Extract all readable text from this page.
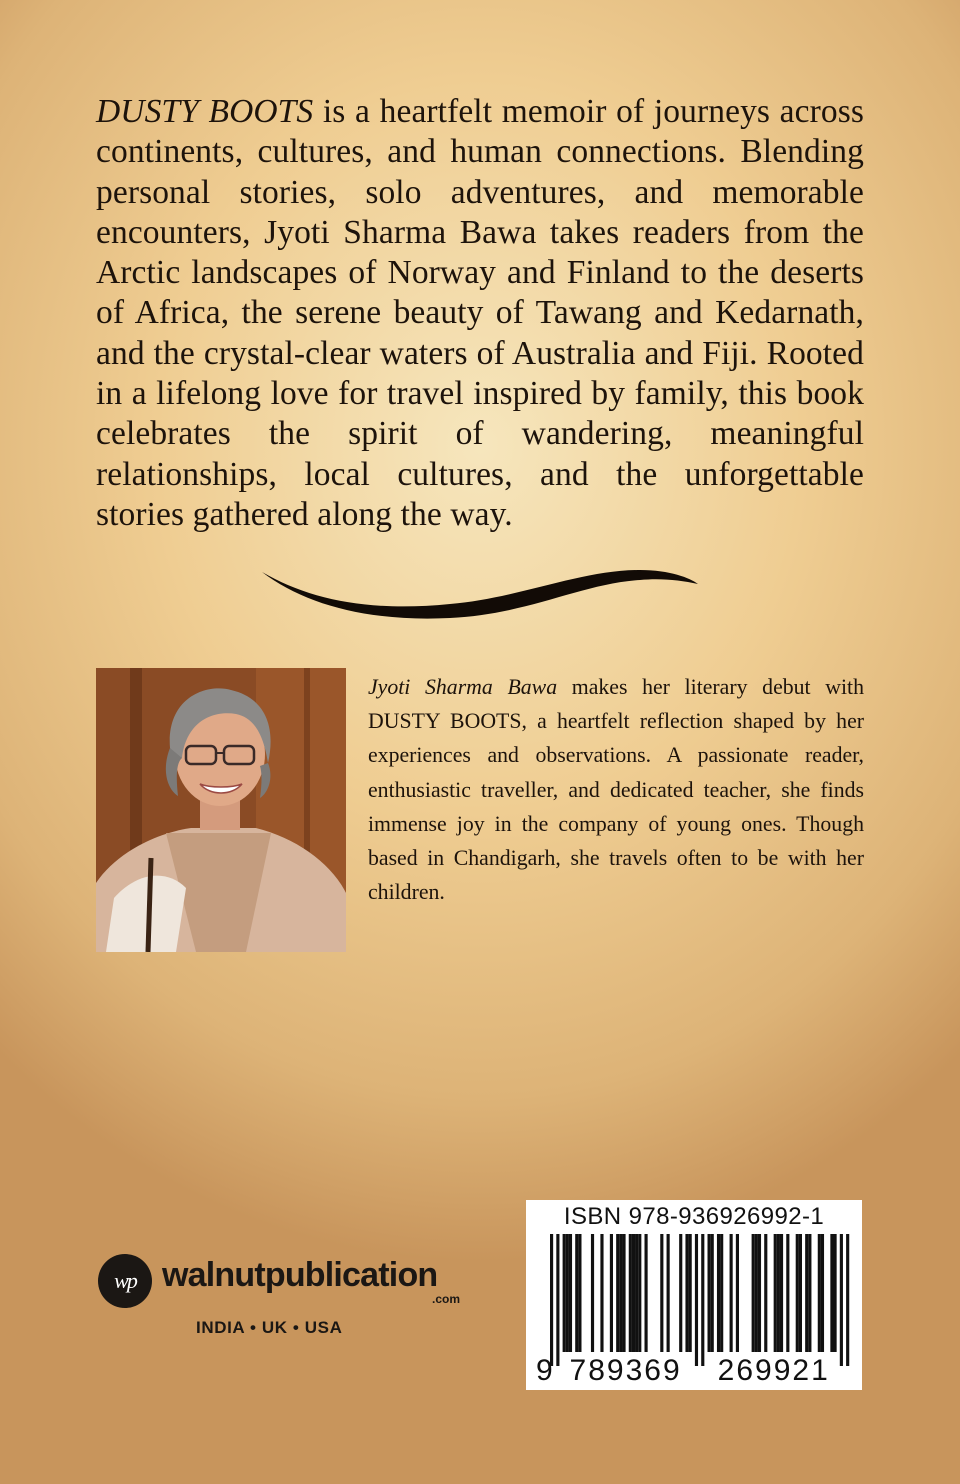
DUSTY BOOTS is a heartfelt memoir of journeys across continents, cultures, and human connections. Blending personal stories, solo adventures, and memorable encounters, Jyoti Sharma Bawa takes readers from the Arctic landscapes of Norway and Finland to the deserts of Africa, the serene beauty of Tawang and Kedarnath, and the crystal-clear waters of Australia and Fiji. Rooted in a lifelong love for travel inspired by family, this book celebrates the spirit of wandering, meaningful relationships, local cultures, and the unforgettable stories gathered along the way.

Jyoti Sharma Bawa makes her literary debut with DUSTY BOOTS, a heartfelt reflection shaped by her experiences and observations. A passionate reader, enthusiastic traveller, and dedicated teacher, she finds immense joy in the company of young ones. Though based in Chandigarh, she travels often to be with her children.

wp walnutpublication
.com
INDIA • UK • USA
ISBN 978-936926992-1
9 789369 269921
